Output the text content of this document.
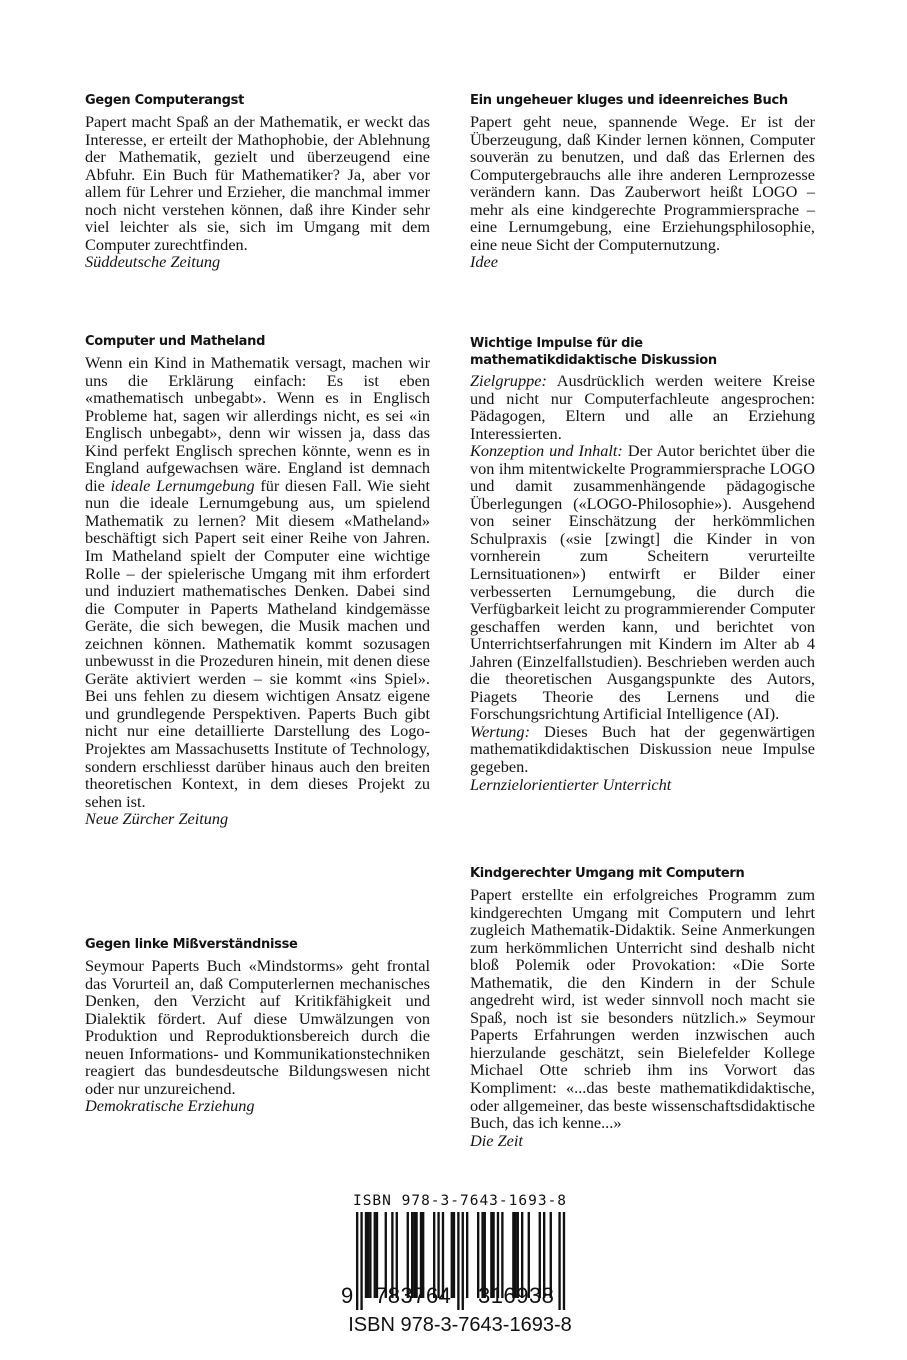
Gegen Computerangst

Papert macht Spaß an der Mathematik, er weckt das Interesse, er erteilt der Mathophobie, der Ablehnung der Mathematik, gezielt und überzeugend eine Abfuhr. Ein Buch für Mathematiker? Ja, aber vor allem für Lehrer und Erzieher, die manchmal immer noch nicht verstehen können, daß ihre Kinder sehr viel leichter als sie, sich im Umgang mit dem Computer zurechtfinden.

Süddeutsche Zeitung

Computer und Matheland

Wenn ein Kind in Mathematik versagt, machen wir uns die Erklärung einfach: Es ist eben «mathematisch unbegabt». Wenn es in Englisch Probleme hat, sagen wir allerdings nicht, es sei «in Englisch unbegabt», denn wir wissen ja, dass das Kind perfekt Englisch sprechen könnte, wenn es in England aufgewachsen wäre. England ist demnach die ideale Lernumgebung für diesen Fall. Wie sieht nun die ideale Lernumgebung aus, um spielend Mathematik zu lernen? Mit diesem «Matheland» beschäftigt sich Papert seit einer Reihe von Jahren. Im Matheland spielt der Computer eine wichtige Rolle – der spielerische Umgang mit ihm erfordert und induziert mathematisches Denken. Dabei sind die Computer in Paperts Matheland kindgemässe Geräte, die sich bewegen, die Musik machen und zeichnen können. Mathematik kommt sozusagen unbewusst in die Prozeduren hinein, mit denen diese Geräte aktiviert werden – sie kommt «ins Spiel». Bei uns fehlen zu diesem wichtigen Ansatz eigene und grundlegende Perspektiven. Paperts Buch gibt nicht nur eine detaillierte Darstellung des Logo-Projektes am Massachusetts Institute of Technology, sondern erschliesst darüber hinaus auch den breiten theoretischen Kontext, in dem dieses Projekt zu sehen ist.

Neue Zürcher Zeitung

Gegen linke Mißverständnisse

Seymour Paperts Buch «Mindstorms» geht frontal das Vorurteil an, daß Computerlernen mechanisches Denken, den Verzicht auf Kritikfähigkeit und Dialektik fördert. Auf diese Umwälzungen von Produktion und Reproduktionsbereich durch die neuen Informations- und Kommunikationstechniken reagiert das bundesdeutsche Bildungswesen nicht oder nur unzureichend.

Demokratische Erziehung

Ein ungeheuer kluges und ideenreiches Buch

Papert geht neue, spannende Wege. Er ist der Überzeugung, daß Kinder lernen können, Computer souverän zu benutzen, und daß das Erlernen des Computergebrauchs alle ihre anderen Lernprozesse verändern kann. Das Zauberwort heißt LOGO – mehr als eine kindgerechte Programmiersprache – eine Lernumgebung, eine Erziehungsphilosophie, eine neue Sicht der Computernutzung.

Idee

Wichtige Impulse für die
mathematikdidaktische Diskussion

Zielgruppe: Ausdrücklich werden weitere Kreise und nicht nur Computerfachleute angesprochen: Pädagogen, Eltern und alle an Erziehung Interessierten.

Konzeption und Inhalt: Der Autor berichtet über die von ihm mitentwickelte Programmiersprache LOGO und damit zusammenhängende pädagogische Überlegungen («LOGO-Philosophie»). Ausgehend von seiner Einschätzung der herkömmlichen Schulpraxis («sie [zwingt] die Kinder in von vornherein zum Scheitern verurteilte Lernsituationen») entwirft er Bilder einer verbesserten Lernumgebung, die durch die Verfügbarkeit leicht zu programmierender Computer geschaffen werden kann, und berichtet von Unterrichtserfahrungen mit Kindern im Alter ab 4 Jahren (Einzelfallstudien). Beschrieben werden auch die theoretischen Ausgangspunkte des Autors, Piagets Theorie des Lernens und die Forschungsrichtung Artificial Intelligence (AI).

Wertung: Dieses Buch hat der gegenwärtigen mathematikdidaktischen Diskussion neue Impulse gegeben.

Lernzielorientierter Unterricht

Kindgerechter Umgang mit Computern

Papert erstellte ein erfolgreiches Programm zum kindgerechten Umgang mit Computern und lehrt zugleich Mathematik-Didaktik. Seine Anmerkungen zum herkömmlichen Unterricht sind deshalb nicht bloß Polemik oder Provokation: «Die Sorte Mathematik, die den Kindern in der Schule angedreht wird, ist weder sinnvoll noch macht sie Spaß, noch ist sie besonders nützlich.» Seymour Paperts Erfahrungen werden inzwischen auch hierzulande geschätzt, sein Bielefelder Kollege Michael Otte schrieb ihm ins Vorwort das Kompliment: «...das beste mathematikdidaktische, oder allgemeiner, das beste wissenschaftsdidaktische Buch, das ich kenne...»

Die Zeit

ISBN 978-3-7643-1693-8
ISBN 978-3-7643-1693-8
9 783764 316938
